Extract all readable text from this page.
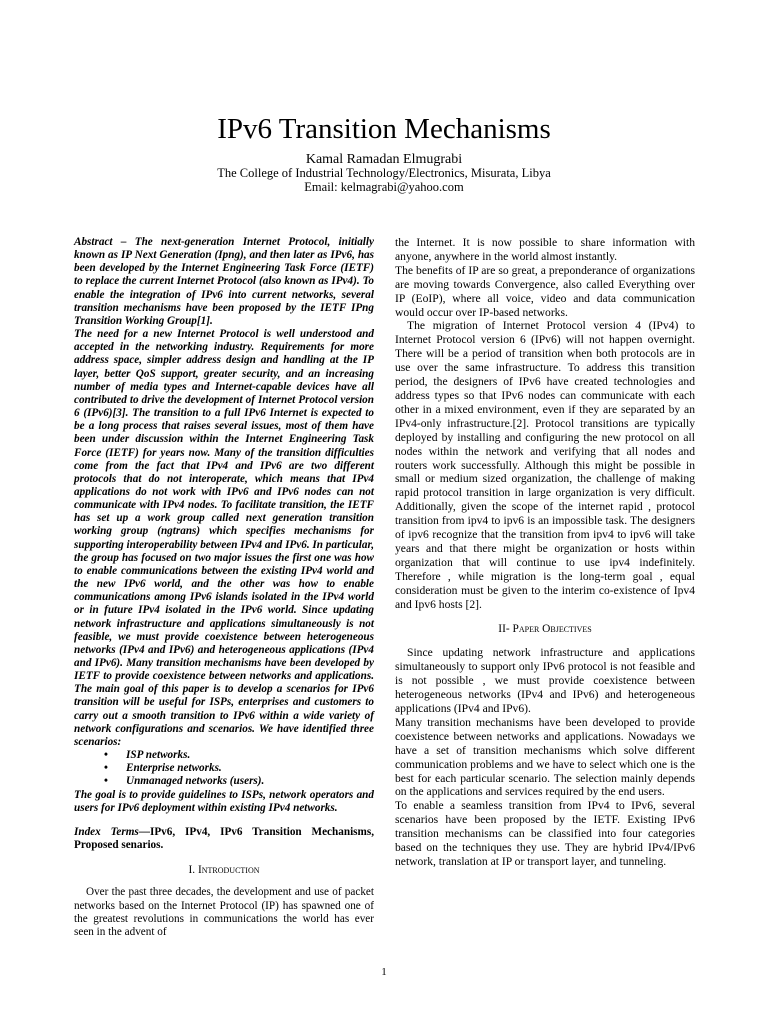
IPv6 Transition Mechanisms
Kamal Ramadan Elmugrabi
The College of Industrial Technology/Electronics, Misurata, Libya
Email: kelmagrabi@yahoo.com

Abstract – The next-generation Internet Protocol, initially known as IP Next Generation (Ipng), and then later as IPv6, has been developed by the Internet Engineering Task Force (IETF) to replace the current Internet Protocol (also known as IPv4). To enable the integration of IPv6 into current networks, several transition mechanisms have been proposed by the IETF IPng Transition Working Group[1].

The need for a new Internet Protocol is well understood and accepted in the networking industry. Requirements for more address space, simpler address design and handling at the IP layer, better QoS support, greater security, and an increasing number of media types and Internet-capable devices have all contributed to drive the development of Internet Protocol version 6 (IPv6)[3]. The transition to a full IPv6 Internet is expected to be a long process that raises several issues, most of them have been under discussion within the Internet Engineering Task Force (IETF) for years now. Many of the transition difficulties come from the fact that IPv4 and IPv6 are two different protocols that do not interoperate, which means that IPv4 applications do not work with IPv6 and IPv6 nodes can not communicate with IPv4 nodes. To facilitate transition, the IETF has set up a work group called next generation transition working group (ngtrans) which specifies mechanisms for supporting interoperability between IPv4 and IPv6. In particular, the group has focused on two major issues the first one was how to enable communications between the existing IPv4 world and the new IPv6 world, and the other was how to enable communications among IPv6 islands isolated in the IPv4 world or in future IPv4 isolated in the IPv6 world. Since updating network infrastructure and applications simultaneously is not feasible, we must provide coexistence between heterogeneous networks (IPv4 and IPv6) and heterogeneous applications (IPv4 and IPv6). Many transition mechanisms have been developed by IETF to provide coexistence between networks and applications. The main goal of this paper is to develop a scenarios for IPv6 transition will be useful for ISPs, enterprises and customers to carry out a smooth transition to IPv6 within a wide variety of network configurations and scenarios. We have identified three scenarios:

• ISP networks.
• Enterprise networks.
• Unmanaged networks (users).

The goal is to provide guidelines to ISPs, network operators and users for IPv6 deployment within existing IPv4 networks.

Index Terms—IPv6, IPv4, IPv6 Transition Mechanisms, Proposed senarios.

I. Introduction

Over the past three decades, the development and use of packet networks based on the Internet Protocol (IP) has spawned one of the greatest revolutions in communications the world has ever seen in the advent of

the Internet. It is now possible to share information with anyone, anywhere in the world almost instantly.

The benefits of IP are so great, a preponderance of organizations are moving towards Convergence, also called Everything over IP (EoIP), where all voice, video and data communication would occur over IP-based networks.

The migration of Internet Protocol version 4 (IPv4) to Internet Protocol version 6 (IPv6) will not happen overnight. There will be a period of transition when both protocols are in use over the same infrastructure. To address this transition period, the designers of IPv6 have created technologies and address types so that IPv6 nodes can communicate with each other in a mixed environment, even if they are separated by an IPv4-only infrastructure.[2]. Protocol transitions are typically deployed by installing and configuring the new protocol on all nodes within the network and verifying that all nodes and routers work successfully. Although this might be possible in small or medium sized organization, the challenge of making rapid protocol transition in large organization is very difficult. Additionally, given the scope of the internet rapid , protocol transition from ipv4 to ipv6 is an impossible task. The designers of ipv6 recognize that the transition from ipv4 to ipv6 will take years and that there might be organization or hosts within organization that will continue to use ipv4 indefinitely. Therefore , while migration is the long-term goal , equal consideration must be given to the interim co-existence of Ipv4 and Ipv6 hosts [2].

II- Paper Objectives

Since updating network infrastructure and applications simultaneously to support only IPv6 protocol is not feasible and is not possible , we must provide coexistence between heterogeneous networks (IPv4 and IPv6) and heterogeneous applications (IPv4 and IPv6).

Many transition mechanisms have been developed to provide coexistence between networks and applications. Nowadays we have a set of transition mechanisms which solve different communication problems and we have to select which one is the best for each particular scenario. The selection mainly depends on the applications and services required by the end users.

To enable a seamless transition from IPv4 to IPv6, several scenarios have been proposed by the IETF. Existing IPv6 transition mechanisms can be classified into four categories based on the techniques they use. They are hybrid IPv4/IPv6 network, translation at IP or transport layer, and tunneling.

1
